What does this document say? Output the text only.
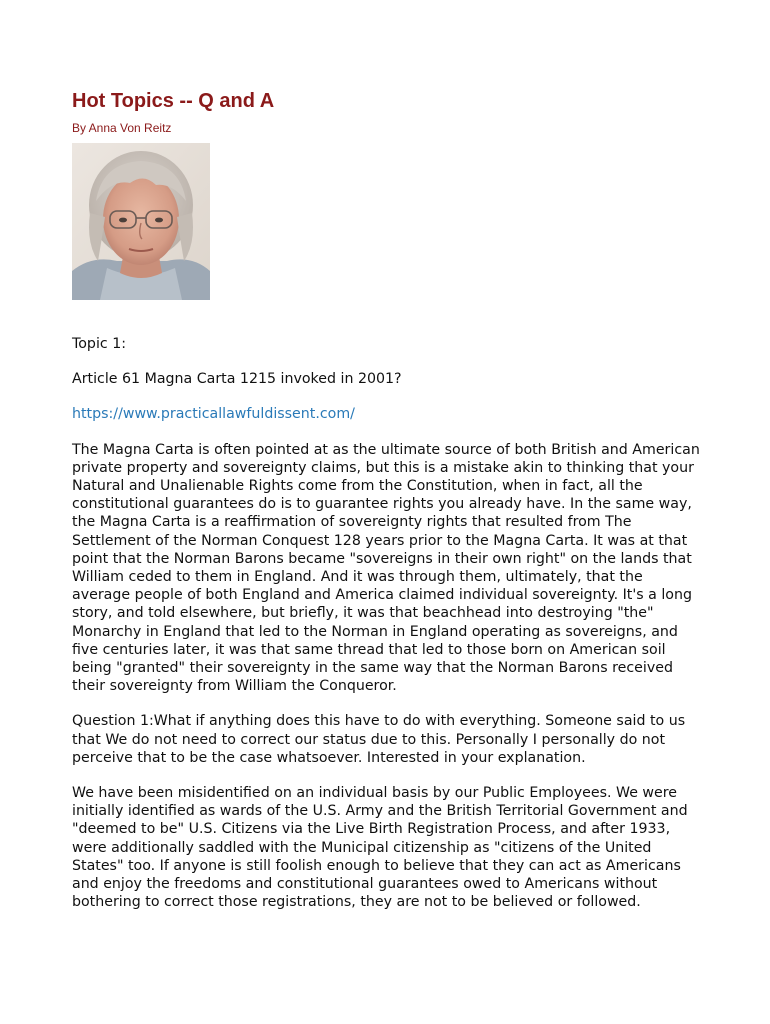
Hot Topics -- Q and A
By Anna Von Reitz

Topic 1:

Article 61 Magna Carta 1215 invoked in 2001?

https://www.practicallawfuldissent.com/

The Magna Carta is often pointed at as the ultimate source of both British and American private property and sovereignty claims, but this is a mistake akin to thinking that your Natural and Unalienable Rights come from the Constitution, when in fact, all the constitutional guarantees do is to guarantee rights you already have. In the same way, the Magna Carta is a reaffirmation of sovereignty rights that resulted from The Settlement of the Norman Conquest 128 years prior to the Magna Carta. It was at that point that the Norman Barons became "sovereigns in their own right" on the lands that William ceded to them in England. And it was through them, ultimately, that the average people of both England and America claimed individual sovereignty. It's a long story, and told elsewhere, but briefly, it was that beachhead into destroying "the" Monarchy in England that led to the Norman in England operating as sovereigns, and five centuries later, it was that same thread that led to those born on American soil being "granted" their sovereignty in the same way that the Norman Barons received their sovereignty from William the Conqueror.

Question 1:What if anything does this have to do with everything. Someone said to us that We do not need to correct our status due to this. Personally I personally do not perceive that to be the case whatsoever. Interested in your explanation.

We have been misidentified on an individual basis by our Public Employees. We were initially identified as wards of the U.S. Army and the British Territorial Government and "deemed to be" U.S. Citizens via the Live Birth Registration Process, and after 1933, were additionally saddled with the Municipal citizenship as "citizens of the United States" too. If anyone is still foolish enough to believe that they can act as Americans and enjoy the freedoms and constitutional guarantees owed to Americans without bothering to correct those registrations, they are not to be believed or followed.
